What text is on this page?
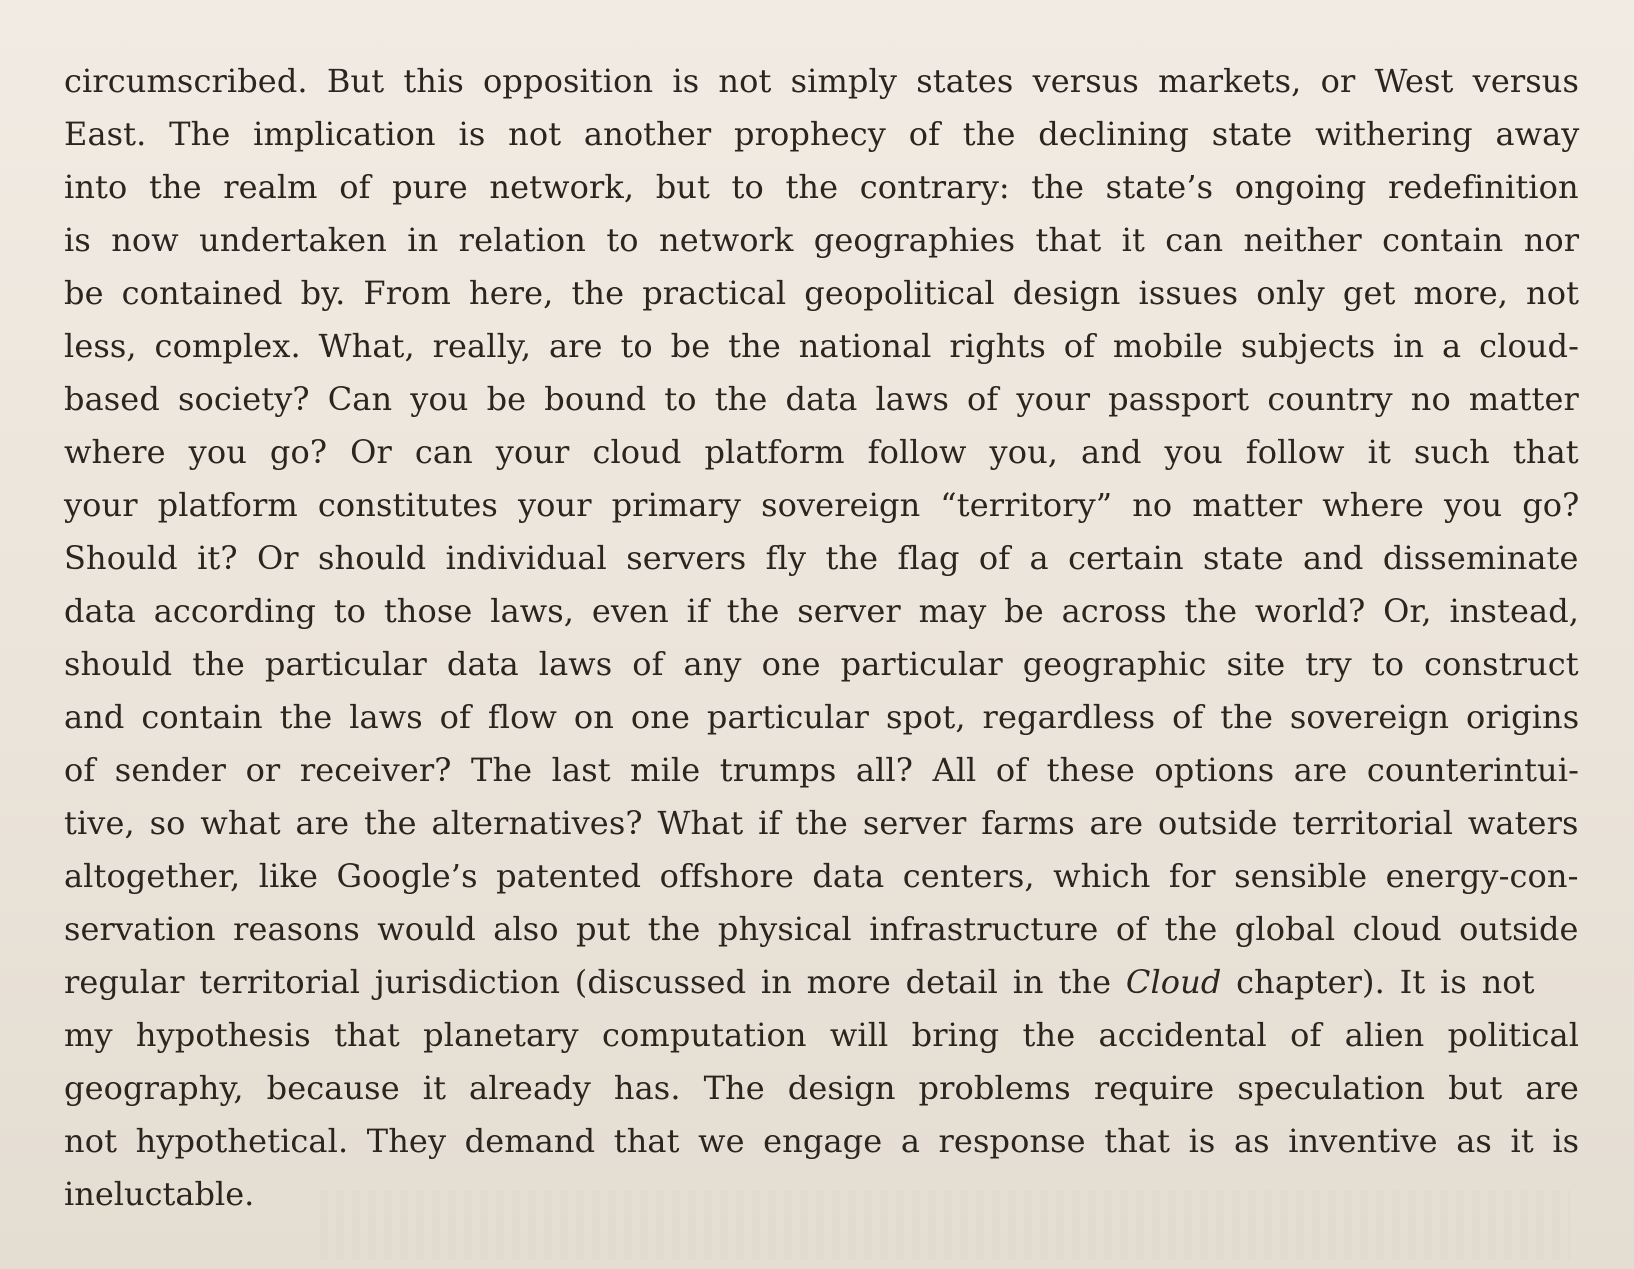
circumscribed. But this opposition is not simply states versus markets, or West versus
East. The implication is not another prophecy of the declining state withering away
into the realm of pure network, but to the contrary: the state’s ongoing redefinition
is now undertaken in relation to network geographies that it can neither contain nor
be contained by. From here, the practical geopolitical design issues only get more, not
less, complex. What, really, are to be the national rights of mobile subjects in a cloud-
based society? Can you be bound to the data laws of your passport country no matter
where you go? Or can your cloud platform follow you, and you follow it such that
your platform constitutes your primary sovereign “territory” no matter where you go?
Should it? Or should individual servers fly the flag of a certain state and disseminate
data according to those laws, even if the server may be across the world? Or, instead,
should the particular data laws of any one particular geographic site try to construct
and contain the laws of flow on one particular spot, regardless of the sovereign origins
of sender or receiver? The last mile trumps all? All of these options are counterintui-
tive, so what are the alternatives? What if the server farms are outside territorial waters
altogether, like Google’s patented offshore data centers, which for sensible energy-con-
servation reasons would also put the physical infrastructure of the global cloud outside
regular territorial jurisdiction (discussed in more detail in the Cloud chapter). It is not
my hypothesis that planetary computation will bring the accidental of alien political
geography, because it already has. The design problems require speculation but are
not hypothetical. They demand that we engage a response that is as inventive as it is
ineluctable.
